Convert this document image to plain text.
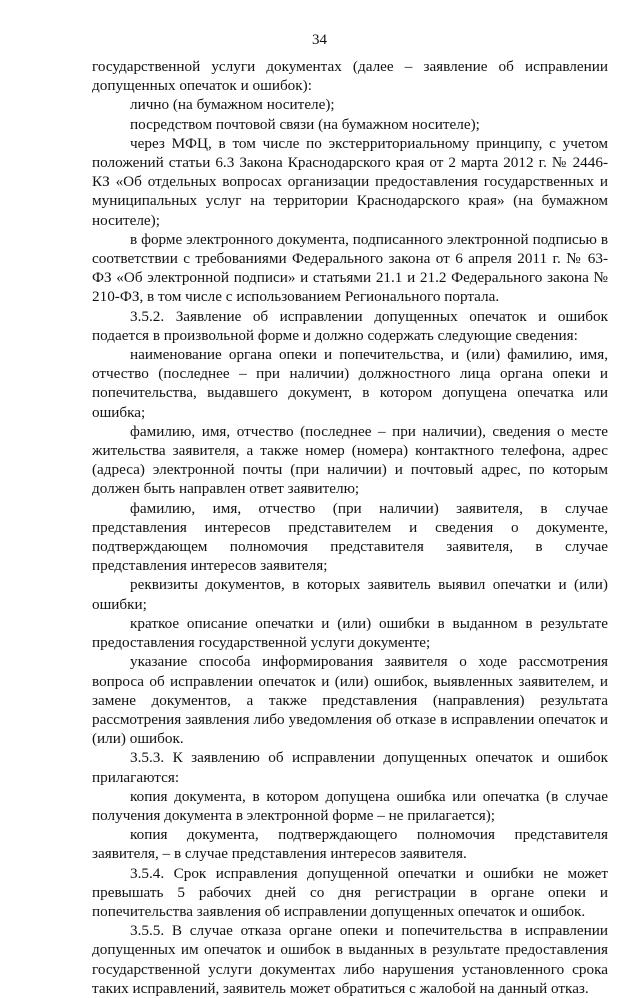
34

государственной услуги документах (далее – заявление об исправлении допущенных опечаток и ошибок):

лично (на бумажном носителе);

посредством почтовой связи (на бумажном носителе);

через МФЦ, в том числе по экстерриториальному принципу, с учетом положений статьи 6.3 Закона Краснодарского края от 2 марта 2012 г. № 2446-КЗ «Об отдельных вопросах организации предоставления государственных и муниципальных услуг на территории Краснодарского края» (на бумажном носителе);

в форме электронного документа, подписанного электронной подписью в соответствии с требованиями Федерального закона от 6 апреля 2011 г. № 63-ФЗ «Об электронной подписи» и статьями 21.1 и 21.2 Федерального закона № 210-ФЗ, в том числе с использованием Регионального портала.

3.5.2. Заявление об исправлении допущенных опечаток и ошибок подается в произвольной форме и должно содержать следующие сведения:

наименование органа опеки и попечительства, и (или) фамилию, имя, отчество (последнее – при наличии) должностного лица органа опеки и попечительства, выдавшего документ, в котором допущена опечатка или ошибка;

фамилию, имя, отчество (последнее – при наличии), сведения о месте жительства заявителя, а также номер (номера) контактного телефона, адрес (адреса) электронной почты (при наличии) и почтовый адрес, по которым должен быть направлен ответ заявителю;

фамилию, имя, отчество (при наличии) заявителя, в случае представления интересов представителем и сведения о документе, подтверждающем полномочия представителя заявителя, в случае представления интересов заявителя;

реквизиты документов, в которых заявитель выявил опечатки и (или) ошибки;

краткое описание опечатки и (или) ошибки в выданном в результате предоставления государственной услуги документе;

указание способа информирования заявителя о ходе рассмотрения вопроса об исправлении опечаток и (или) ошибок, выявленных заявителем, и замене документов, а также представления (направления) результата рассмотрения заявления либо уведомления об отказе в исправлении опечаток и (или) ошибок.

3.5.3. К заявлению об исправлении допущенных опечаток и ошибок прилагаются:

копия документа, в котором допущена ошибка или опечатка (в случае получения документа в электронной форме – не прилагается);

копия документа, подтверждающего полномочия представителя заявителя, – в случае представления интересов заявителя.

3.5.4. Срок исправления допущенной опечатки и ошибки не может превышать 5 рабочих дней со дня регистрации в органе опеки и попечительства заявления об исправлении допущенных опечаток и ошибок.

3.5.5. В случае отказа органе опеки и попечительства в исправлении допущенных им опечаток и ошибок в выданных в результате предоставления государственной услуги документах либо нарушения установленного срока таких исправлений, заявитель может обратиться с жалобой на данный отказ.
